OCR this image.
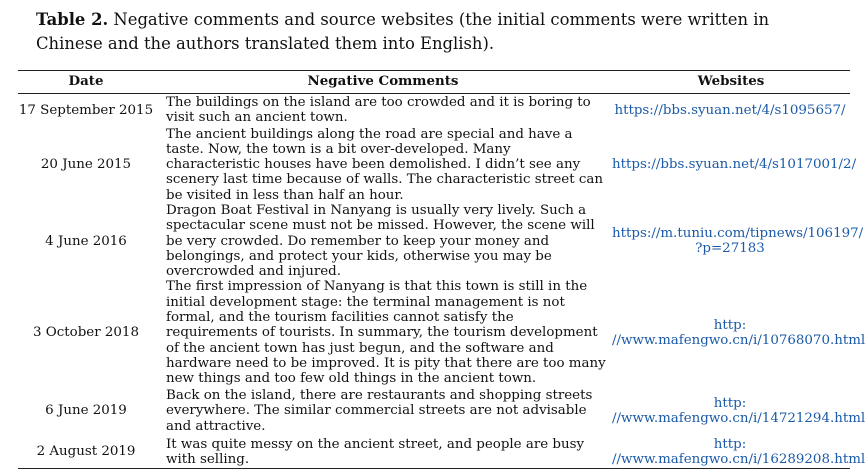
Table 2. Negative comments and source websites (the initial comments were written in Chinese and the authors translated them into English).
Date	Negative Comments	Websites
17 September 2015	The buildings on the island are too crowded and it is boring to visit such an ancient town.	https://bbs.syuan.net/4/s1095657/
20 June 2015	The ancient buildings along the road are special and have a taste. Now, the town is a bit over-developed. Many characteristic houses have been demolished. I didn’t see any scenery last time because of walls. The characteristic street can be visited in less than half an hour.	https://bbs.syuan.net/4/s1017001/2/
4 June 2016	Dragon Boat Festival in Nanyang is usually very lively. Such a spectacular scene must not be missed. However, the scene will be very crowded. Do remember to keep your money and belongings, and protect your kids, otherwise you may be overcrowded and injured.	https://m.tuniu.com/tipnews/106197/
?p=27183
3 October 2018	The first impression of Nanyang is that this town is still in the initial development stage: the terminal management is not formal, and the tourism facilities cannot satisfy the requirements of tourists. In summary, the tourism development of the ancient town has just begun, and the software and hardware need to be improved. It is pity that there are too many new things and too few old things in the ancient town.	http:
//www.mafengwo.cn/i/10768070.html
6 June 2019	Back on the island, there are restaurants and shopping streets everywhere. The similar commercial streets are not advisable and attractive.	http:
//www.mafengwo.cn/i/14721294.html
2 August 2019	It was quite messy on the ancient street, and people are busy with selling.	http:
//www.mafengwo.cn/i/16289208.html
